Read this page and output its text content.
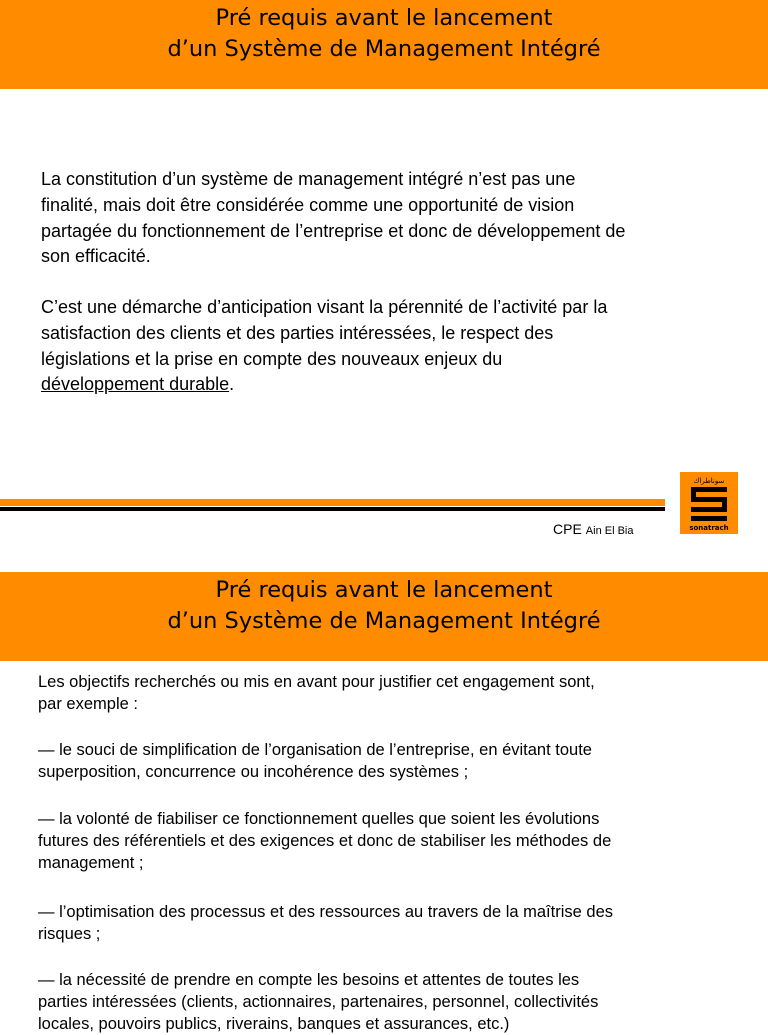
Pré requis avant le lancement
d’un Système de Management Intégré

La constitution d’un système de management intégré n’est pas une

finalité, mais doit être considérée comme une opportunité de vision

partagée du fonctionnement de l’entreprise et donc de développement de

son efficacité.

C’est une démarche d’anticipation visant la pérennité de l’activité par la

satisfaction des clients et des parties intéressées, le respect des

législations et la prise en compte des nouveaux enjeux du

développement durable.

CPE Ain El Bia
سوناطراك
sonatrach
Pré requis avant le lancement
d’un Système de Management Intégré

Les objectifs recherchés ou mis en avant pour justifier cet engagement sont,

par exemple :

— le souci de simplification de l’organisation de l’entreprise, en évitant toute

superposition, concurrence ou incohérence des systèmes ;

— la volonté de fiabiliser ce fonctionnement quelles que soient les évolutions

futures des référentiels et des exigences et donc de stabiliser les méthodes de

management ;

— l’optimisation des processus et des ressources au travers de la maîtrise des

risques ;

— la nécessité de prendre en compte les besoins et attentes de toutes les

parties intéressées (clients, actionnaires, partenaires, personnel, collectivités

locales, pouvoirs publics, riverains, banques et assurances, etc.)
